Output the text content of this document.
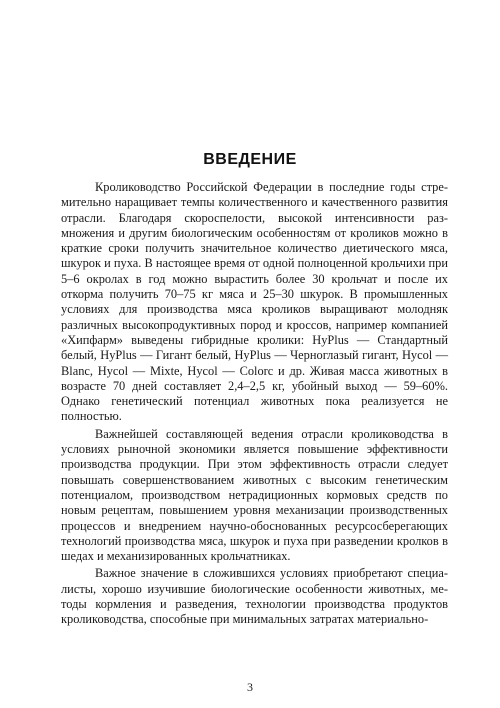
ВВЕДЕНИЕ

Кролиководство Российской Федерации в последние годы стремительно наращивает темпы количественного и качественного развития отрасли. Благодаря скороспелости, высокой интенсивности размножения и другим биологическим особенностям от кроликов можно в краткие сроки получить значительное количество диетического мяса, шкурок и пуха. В настоящее время от одной полноценной крольчихи при 5–6 окролах в год можно вырастить более 30 крольчат и после их откорма получить 70–75 кг мяса и 25–30 шкурок. В промышленных условиях для производства мяса кроликов выращивают молодняк различных высокопродуктивных пород и кроссов, например компанией «Хипфарм» выведены гибридные кролики: HyPlus — Стандартный белый, HyPlus — Гигант белый, HyPlus — Черноглазый гигант, Hycol — Blanc, Hycol — Mixte, Hycol — Colorc и др. Живая масса животных в возрасте 70 дней составляет 2,4–2,5 кг, убойный выход — 59–60%. Однако генетический потенциал животных пока реализуется не полностью.

Важнейшей составляющей ведения отрасли кролиководства в условиях рыночной экономики является повышение эффективности производства продукции. При этом эффективность отрасли следует повышать совершенствованием животных с высоким генетическим потенциалом, производством нетрадиционных кормовых средств по новым рецептам, повышением уровня механизации производственных процессов и внедрением научно-обоснованных ресурсосберегающих технологий производства мяса, шкурок и пуха при разведении кролков в шедах и механизированных крольчатниках.

Важное значение в сложившихся условиях приобретают специалисты, хорошо изучившие биологические особенности животных, методы кормления и разведения, технологии производства продуктов кролиководства, способные при минимальных затратах материально-

3
